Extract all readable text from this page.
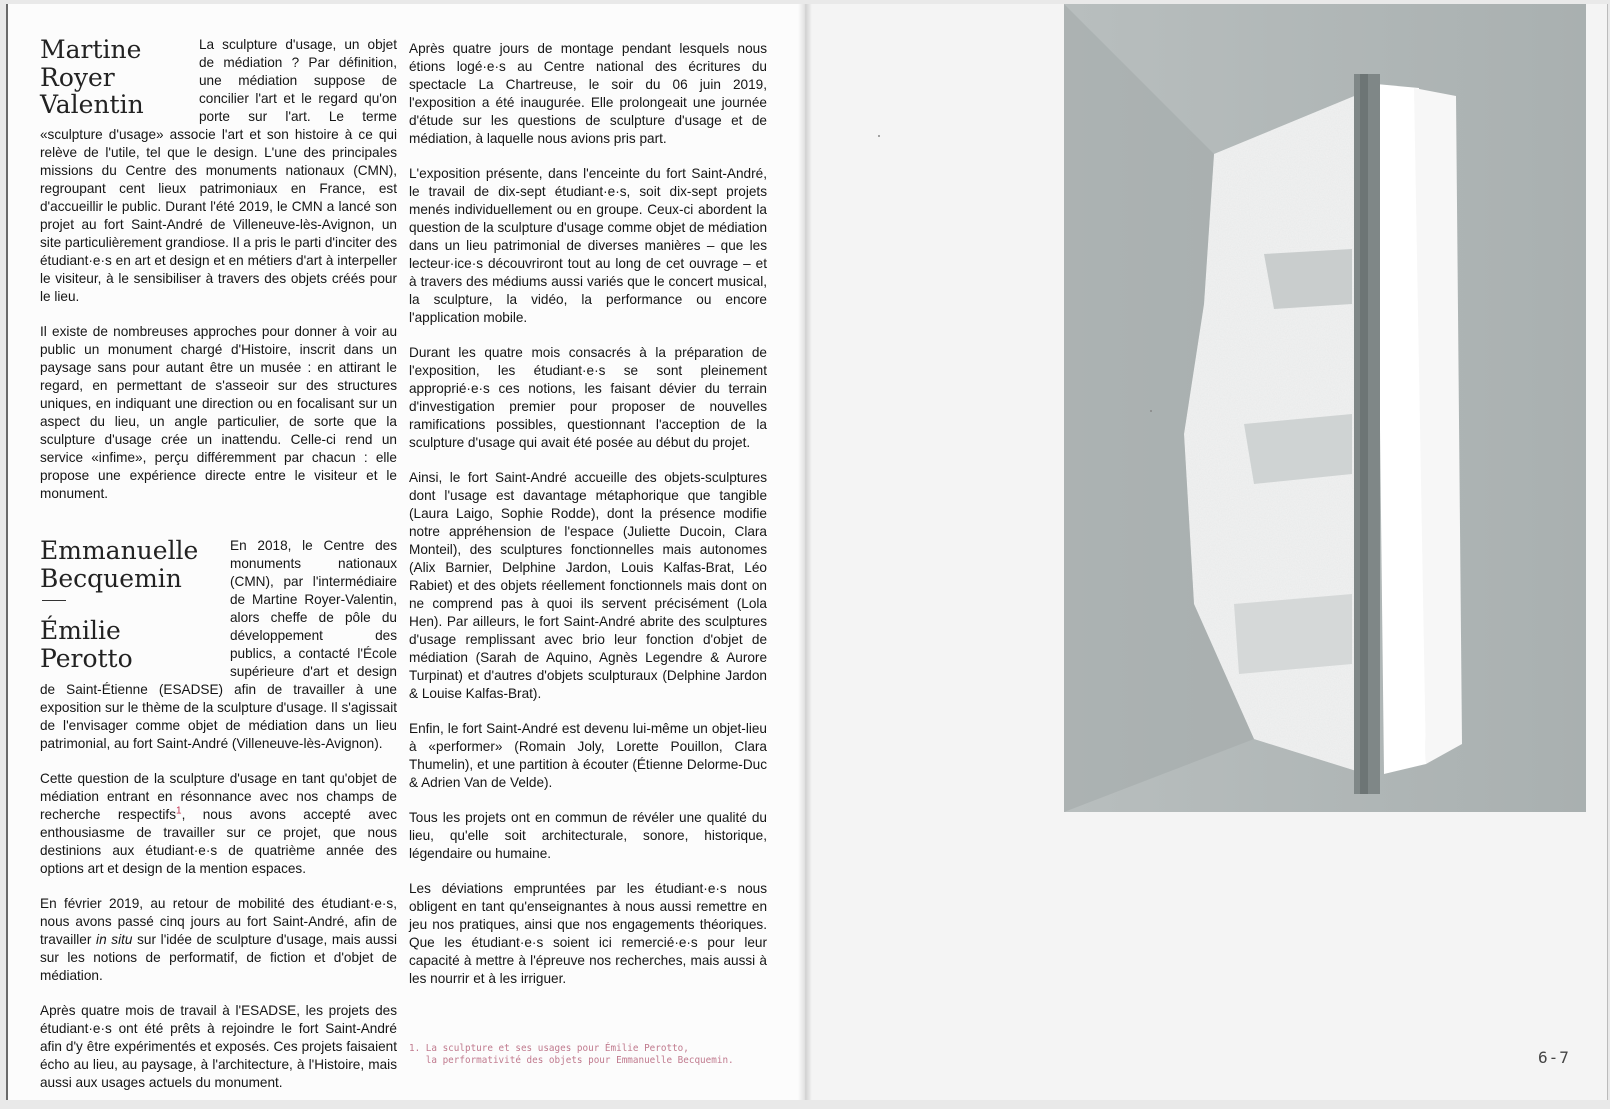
Martine
Royer
Valentin

La sculpture d'usage, un objet de médiation ? Par définition, une médiation suppose de concilier l'art et le regard qu'on porte sur l'art. Le terme «sculpture d'usage» associe l'art et son histoire à ce qui relève de l'utile, tel que le design. L'une des principales missions du Centre des monuments nationaux (CMN), regroupant cent lieux patrimoniaux en France, est d'accueillir le public. Durant l'été 2019, le CMN a lancé son projet au fort Saint-André de Villeneuve-lès-Avignon, un site particulièrement grandiose. Il a pris le parti d'inciter des étudiant·e·s en art et design et en métiers d'art à interpeller le visiteur, à le sensibiliser à travers des objets créés pour le lieu.

Il existe de nombreuses approches pour donner à voir au public un monument chargé d'Histoire, inscrit dans un paysage sans pour autant être un musée : en attirant le regard, en permettant de s'asseoir sur des structures uniques, en indiquant une direction ou en focalisant sur un aspect du lieu, un angle particulier, de sorte que la sculpture d'usage crée un inattendu. Celle-ci rend un service «infime», perçu différemment par chacun : elle propose une expérience directe entre le visiteur et le monument.

Emmanuelle
Becquemin
Émilie
Perotto

En 2018, le Centre des monuments nationaux (CMN), par l'intermédiaire de Martine Royer-Valentin, alors cheffe de pôle du développement des publics, a contacté l'École supérieure d'art et design de Saint-Étienne (ESADSE) afin de travailler à une exposition sur le thème de la sculpture d'usage. Il s'agissait de l'envisager comme objet de médiation dans un lieu patrimonial, au fort Saint-André (Villeneuve-lès-Avignon).

Cette question de la sculpture d'usage en tant qu'objet de médiation entrant en résonnance avec nos champs de recherche respectifs$^1$, nous avons accepté avec enthousiasme de travailler sur ce projet, que nous destinions aux étudiant·e·s de quatrième année des options art et design de la mention espaces.

En février 2019, au retour de mobilité des étudiant·e·s, nous avons passé cinq jours au fort Saint-André, afin de travailler in situ sur l'idée de sculpture d'usage, mais aussi sur les notions de performatif, de fiction et d'objet de médiation.

Après quatre mois de travail à l'ESADSE, les projets des étudiant·e·s ont été prêts à rejoindre le fort Saint-André afin d'y être expérimentés et exposés. Ces projets faisaient écho au lieu, au paysage, à l'architecture, à l'Histoire, mais aussi aux usages actuels du monument.

Après quatre jours de montage pendant lesquels nous étions logé·e·s au Centre national des écritures du spectacle La Chartreuse, le soir du 06 juin 2019, l'exposition a été inaugurée. Elle prolongeait une journée d'étude sur les questions de sculpture d'usage et de médiation, à laquelle nous avions pris part.

L'exposition présente, dans l'enceinte du fort Saint-André, le travail de dix-sept étudiant·e·s, soit dix-sept projets menés individuellement ou en groupe. Ceux-ci abordent la question de la sculpture d'usage comme objet de médiation dans un lieu patrimonial de diverses manières – que les lecteur·ice·s découvriront tout au long de cet ouvrage – et à travers des médiums aussi variés que le concert musical, la sculpture, la vidéo, la performance ou encore l'application mobile.

Durant les quatre mois consacrés à la préparation de l'exposition, les étudiant·e·s se sont pleinement approprié·e·s ces notions, les faisant dévier du terrain d'investigation premier pour proposer de nouvelles ramifications possibles, questionnant l'acception de la sculpture d'usage qui avait été posée au début du projet.

Ainsi, le fort Saint-André accueille des objets-sculptures dont l'usage est davantage métaphorique que tangible (Laura Laigo, Sophie Rodde), dont la présence modifie notre appréhension de l'espace (Juliette Ducoin, Clara Monteil), des sculptures fonctionnelles mais autonomes (Alix Barnier, Delphine Jardon, Louis Kalfas-Brat, Léo Rabiet) et des objets réellement fonctionnels mais dont on ne comprend pas à quoi ils servent précisément (Lola Hen). Par ailleurs, le fort Saint-André abrite des sculptures d'usage remplissant avec brio leur fonction d'objet de médiation (Sarah de Aquino, Agnès Legendre & Aurore Turpinat) et d'autres d'objets sculpturaux (Delphine Jardon & Louise Kalfas-Brat).

Enfin, le fort Saint-André est devenu lui-même un objet-lieu à «performer» (Romain Joly, Lorette Pouillon, Clara Thumelin), et une partition à écouter (Étienne Delorme-Duc & Adrien Van de Velde).

Tous les projets ont en commun de révéler une qualité du lieu, qu'elle soit architecturale, sonore, historique, légendaire ou humaine.

Les déviations empruntées par les étudiant·e·s nous obligent en tant qu'enseignantes à nous aussi remettre en jeu nos pratiques, ainsi que nos engagements théoriques. Que les étudiant·e·s soient ici remercié·e·s pour leur capacité à mettre à l'épreuve nos recherches, mais aussi à les nourrir et à les irriguer.

1. La sculpture et ses usages pour Émilie Perotto,
la performativité des objets pour Emmanuelle Becquemin.	6-7
